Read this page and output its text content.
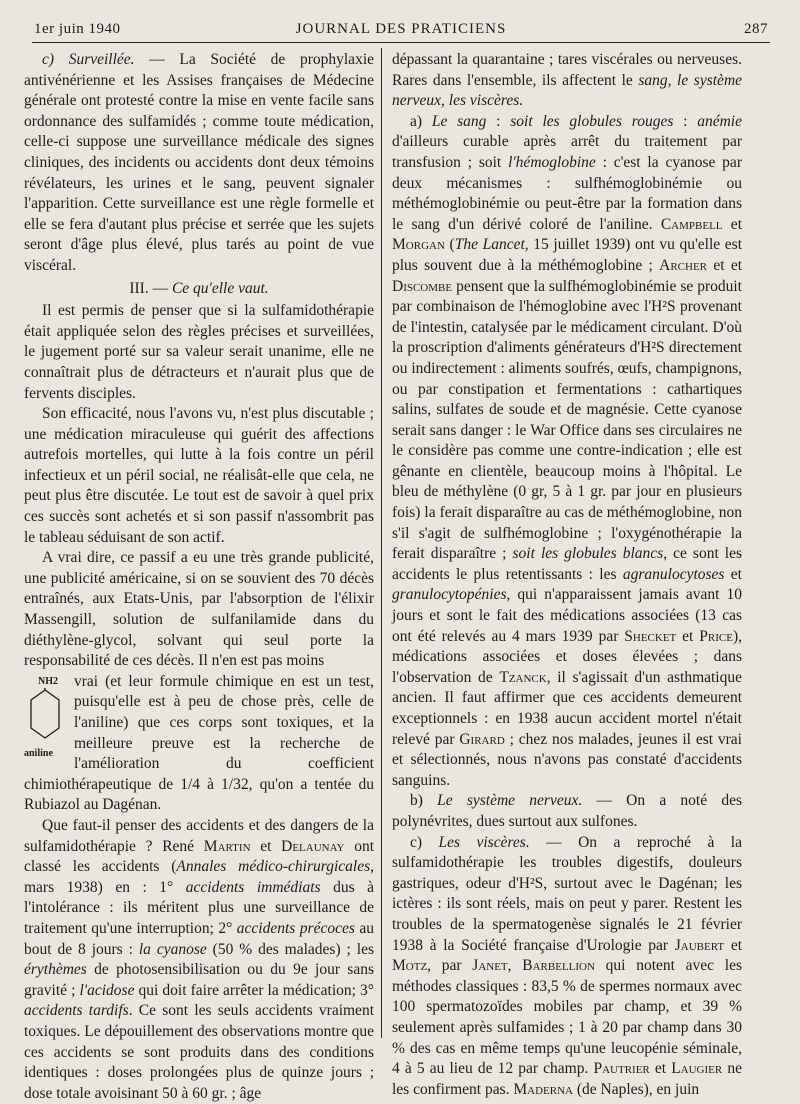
1er juin 1940	JOURNAL DES PRATICIENS	287

c) Surveillée. — La Société de prophylaxie antivénérienne et les Assises françaises de Médecine générale ont protesté contre la mise en vente facile sans ordonnance des sulfamidés ; comme toute médication, celle-ci suppose une surveillance médicale des signes cliniques, des incidents ou accidents dont deux témoins révélateurs, les urines et le sang, peuvent signaler l'apparition. Cette surveillance est une règle formelle et elle se fera d'autant plus précise et serrée que les sujets seront d'âge plus élevé, plus tarés au point de vue viscéral.

III. — Ce qu'elle vaut.

Il est permis de penser que si la sulfamidothérapie était appliquée selon des règles précises et surveillées, le jugement porté sur sa valeur serait unanime, elle ne connaîtrait plus de détracteurs et n'aurait plus que de fervents disciples.

Son efficacité, nous l'avons vu, n'est plus discutable ; une médication miraculeuse qui guérit des affections autrefois mortelles, qui lutte à la fois contre un péril infectieux et un péril social, ne réalisât-elle que cela, ne peut plus être discutée. Le tout est de savoir à quel prix ces succès sont achetés et si son passif n'assombrit pas le tableau séduisant de son actif.

A vrai dire, ce passif a eu une très grande publicité, une publicité américaine, si on se souvient des 70 décès entraînés, aux Etats-Unis, par l'absorption de l'élixir Massengill, solution de sulfanilamide dans du diéthylène-glycol, solvant qui seul porte la responsabilité de ces décès. Il n'en est pas moins

NH2
aniline
vrai (et leur formule chimique en est un test, puisqu'elle est à peu de chose près, celle de l'aniline) que ces corps sont toxiques, et la meilleure preuve est la recherche de l'amélioration du coefficient chimiothérapeutique de 1/4 à 1/32, qu'on a tentée du Rubiazol au Dagénan.

Que faut-il penser des accidents et des dangers de la sulfamidothérapie ? René Martin et Delaunay ont classé les accidents (Annales médico-chirurgicales, mars 1938) en : 1° accidents immédiats dus à l'intolérance : ils méritent plus une surveillance de traitement qu'une interruption; 2° accidents précoces au bout de 8 jours : la cyanose (50 % des malades) ; les érythèmes de photosensibilisation ou du 9e jour sans gravité ; l'acidose qui doit faire arrêter la médication; 3° accidents tardifs. Ce sont les seuls accidents vraiment toxiques. Le dépouillement des observations montre que ces accidents se sont produits dans des conditions identiques : doses prolongées plus de quinze jours ; dose totale avoisinant 50 à 60 gr. ; âge

dépassant la quarantaine ; tares viscérales ou nerveuses. Rares dans l'ensemble, ils affectent le sang, le système nerveux, les viscères.

a) Le sang : soit les globules rouges : anémie d'ailleurs curable après arrêt du traitement par transfusion ; soit l'hémoglobine : c'est la cyanose par deux mécanismes : sulfhémoglobinémie ou méthémoglobinémie ou peut-être par la formation dans le sang d'un dérivé coloré de l'aniline. Campbell et Morgan (The Lancet, 15 juillet 1939) ont vu qu'elle est plus souvent due à la méthémoglobine ; Archer et et Discombe pensent que la sulfhémoglobinémie se produit par combinaison de l'hémoglobine avec l'H²S provenant de l'intestin, catalysée par le médicament circulant. D'où la proscription d'aliments générateurs d'H²S directement ou indirectement : aliments soufrés, œufs, champignons, ou par constipation et fermentations : cathartiques salins, sulfates de soude et de magnésie. Cette cyanose serait sans danger : le War Office dans ses circulaires ne le considère pas comme une contre-indication ; elle est gênante en clientèle, beaucoup moins à l'hôpital. Le bleu de méthylène (0 gr, 5 à 1 gr. par jour en plusieurs fois) la ferait disparaître au cas de méthémoglobine, non s'il s'agit de sulfhémoglobine ; l'oxygénothérapie la ferait disparaître ; soit les globules blancs, ce sont les accidents le plus retentissants : les agranulocytoses et granulocytopénies, qui n'apparaissent jamais avant 10 jours et sont le fait des médications associées (13 cas ont été relevés au 4 mars 1939 par Shecket et Price), médications associées et doses élevées ; dans l'observation de Tzanck, il s'agissait d'un asthmatique ancien. Il faut affirmer que ces accidents demeurent exceptionnels : en 1938 aucun accident mortel n'était relevé par Girard ; chez nos malades, jeunes il est vrai et sélectionnés, nous n'avons pas constaté d'accidents sanguins.

b) Le système nerveux. — On a noté des polynévrites, dues surtout aux sulfones.

c) Les viscères. — On a reproché à la sulfamidothérapie les troubles digestifs, douleurs gastriques, odeur d'H²S, surtout avec le Dagénan; les ictères : ils sont réels, mais on peut y parer. Restent les troubles de la spermatogenèse signalés le 21 février 1938 à la Société française d'Urologie par Jaubert et Motz, par Janet, Barbellion qui notent avec les méthodes classiques : 83,5 % de spermes normaux avec 100 spermatozoïdes mobiles par champ, et 39 % seulement après sulfamides ; 1 à 20 par champ dans 30 % des cas en même temps qu'une leucopénie séminale, 4 à 5 au lieu de 12 par champ. Pautrier et Laugier ne les confirment pas. Maderna (de Naples), en juin
